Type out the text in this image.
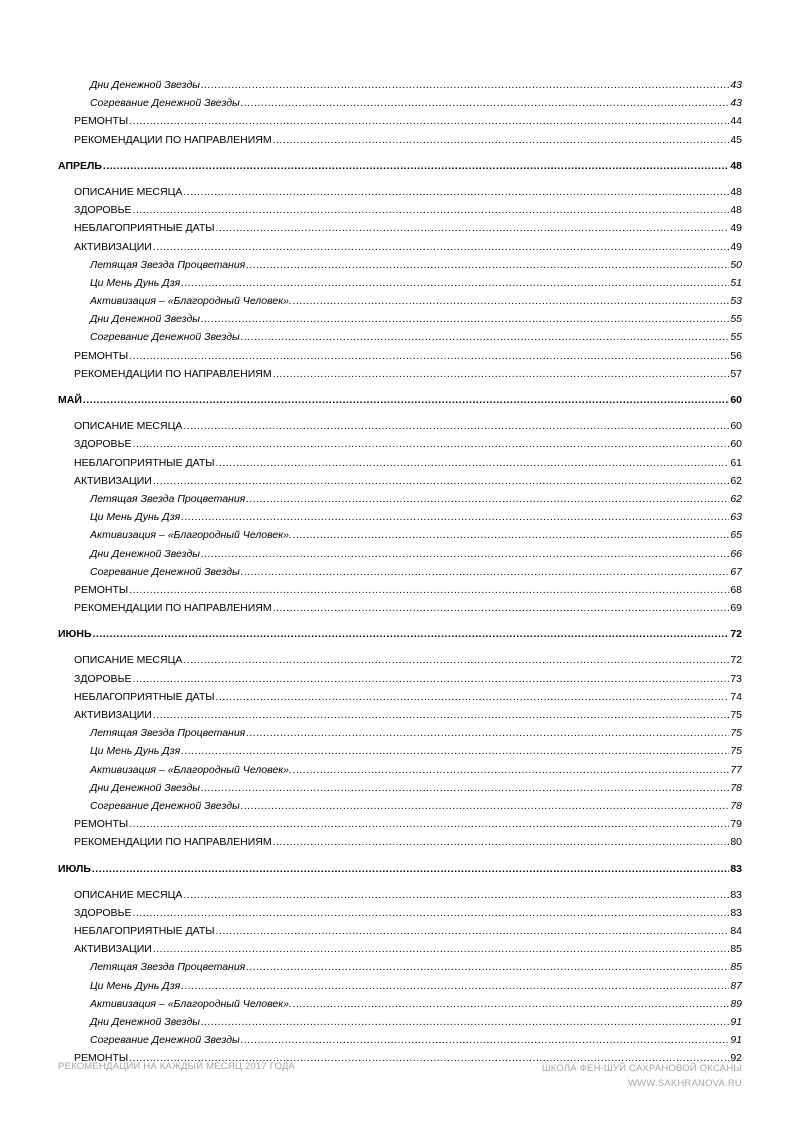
Дни Денежной Звезды .....	43
Согревание Денежной Звезды .....	43
РЕМОНТЫ .....	44
РЕКОМЕНДАЦИИ ПО НАПРАВЛЕНИЯМ .....	45
АПРЕЛЬ .....	48
ОПИСАНИЕ МЕСЯЦА .....	48
ЗДОРОВЬЕ .....	48
НЕБЛАГОПРИЯТНЫЕ ДАТЫ .....	49
АКТИВИЗАЦИИ .....	49
Летящая Звезда Процветания .....	50
Ци Мень Дунь Дзя .....	51
Активизация – «Благородный Человек». .....	53
Дни Денежной Звезды .....	55
Согревание Денежной Звезды .....	55
РЕМОНТЫ .....	56
РЕКОМЕНДАЦИИ ПО НАПРАВЛЕНИЯМ .....	57
МАЙ .....	60
ОПИСАНИЕ МЕСЯЦА .....	60
ЗДОРОВЬЕ .....	60
НЕБЛАГОПРИЯТНЫЕ ДАТЫ .....	61
АКТИВИЗАЦИИ .....	62
Летящая Звезда Процветания .....	62
Ци Мень Дунь Дзя .....	63
Активизация – «Благородный Человек». .....	65
Дни Денежной Звезды .....	66
Согревание Денежной Звезды .....	67
РЕМОНТЫ .....	68
РЕКОМЕНДАЦИИ ПО НАПРАВЛЕНИЯМ .....	69
ИЮНЬ .....	72
ОПИСАНИЕ МЕСЯЦА .....	72
ЗДОРОВЬЕ .....	73
НЕБЛАГОПРИЯТНЫЕ ДАТЫ .....	74
АКТИВИЗАЦИИ .....	75
Летящая Звезда Процветания .....	75
Ци Мень Дунь Дзя .....	75
Активизация – «Благородный Человек». .....	77
Дни Денежной Звезды .....	78
Согревание Денежной Звезды .....	78
РЕМОНТЫ .....	79
РЕКОМЕНДАЦИИ ПО НАПРАВЛЕНИЯМ .....	80
ИЮЛЬ .....	83
ОПИСАНИЕ МЕСЯЦА .....	83
ЗДОРОВЬЕ .....	83
НЕБЛАГОПРИЯТНЫЕ ДАТЫ .....	84
АКТИВИЗАЦИИ .....	85
Летящая Звезда Процветания .....	85
Ци Мень Дунь Дзя .....	87
Активизация – «Благородный Человек». .....	89
Дни Денежной Звезды .....	91
Согревание Денежной Звезды .....	91
РЕМОНТЫ .....	92
РЕКОМЕНДАЦИИ НА КАЖДЫЙ МЕСЯЦ 2017 ГОДА	ШКОЛА ФЕН-ШУЙ САХРАНОВОЙ ОКСАНЫ
WWW.SAKHRANOVA.RU
